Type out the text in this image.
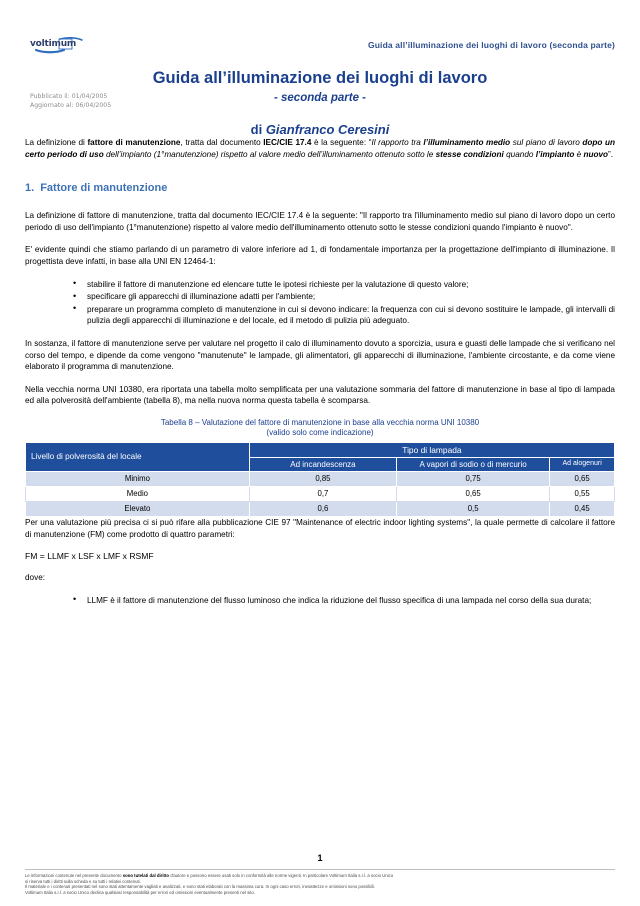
voltimum	Guida all’illuminazione dei luoghi di lavoro (seconda parte)
Pubblicato il: 01/04/2005
Aggiornato al: 06/04/2005
Guida all’illuminazione dei luoghi di lavoro
- seconda parte -
di Gianfranco Ceresini

La definizione di fattore di manutenzione, tratta dal documento IEC/CIE 17.4 è la seguente: “Il rapporto tra l’illuminamento medio sul piano di lavoro dopo un certo periodo di uso dell’impianto (1°manutenzione) rispetto al valore medio dell’illuminamento ottenuto sotto le stesse condizioni quando l’impianto è nuovo”.

1. Fattore di manutenzione

La definizione di fattore di manutenzione, tratta dal documento IEC/CIE 17.4 è la seguente: "Il rapporto tra l'illuminamento medio sul piano di lavoro dopo un certo periodo di uso dell'impianto (1°manutenzione) rispetto al valore medio dell'illuminamento ottenuto sotto le stesse condizioni quando l'impianto è nuovo".

E' evidente quindi che stiamo parlando di un parametro di valore inferiore ad 1, di fondamentale importanza per la progettazione dell'impianto di illuminazione. Il progettista deve infatti, in base alla UNI EN 12464-1:

• stabilire il fattore di manutenzione ed elencare tutte le ipotesi richieste per la valutazione di questo valore;
• specificare gli apparecchi di illuminazione adatti per l'ambiente;
• preparare un programma completo di manutenzione in cui si devono indicare: la frequenza con cui si devono sostituire le lampade, gli intervalli di pulizia degli apparecchi di illuminazione e del locale, ed il metodo di pulizia più adeguato.

In sostanza, il fattore di manutenzione serve per valutare nel progetto il calo di illuminamento dovuto a sporcizia, usura e guasti delle lampade che si verificano nel corso del tempo, e dipende da come vengono "manutenute" le lampade, gli alimentatori, gli apparecchi di illuminazione, l'ambiente circostante, e da come viene elaborato il programma di manutenzione.

Nella vecchia norma UNI 10380, era riportata una tabella molto semplificata per una valutazione sommaria del fattore di manutenzione in base al tipo di lampada ed alla polverosità dell'ambiente (tabella 8), ma nella nuova norma questa tabella è scomparsa.

Tabella 8 – Valutazione del fattore di manutenzione in base alla vecchia norma UNI 10380
(valido solo come indicazione)
Livello di polverosità del locale	Tipo di lampada		
	Ad incandescenza	A vapori di sodio o di mercurio	Ad alogenuri
Minimo	0,85	0,75	0,65
Medio	0,7	0,65	0,55
Elevato	0,6	0,5	0,45

Per una valutazione più precisa ci si può rifare alla pubblicazione CIE 97 "Maintenance of electric indoor lighting systems", la quale permette di calcolare il fattore di manutenzione (FM) come prodotto di quattro parametri:

FM = LLMF x LSF x LMF x RSMF

dove:

• LLMF è il fattore di manutenzione del flusso luminoso che indica la riduzione del flusso specifica di una lampada nel corso della sua durata;
1
Le informazioni contenute nel presente documento sono tutelati dal diritto d'autore e possono essere usati solo in conformità alle norme vigenti. In particolare Voltimum Italia s.r.l. a socio Unico
si riserva tutti i diritti sulla scheda e su tutti i relativi contenuti.
Il materiale e i contenuti presentati nel sono stati attentamente vagliati e analizzati, e sono stati elaborati con la massima cura. In ogni caso errori, inesattezze e omissioni sono possibili.
Voltimum Italia s.r.l. a socio Unico declina qualsiasi responsabilità per errori ed omissioni eventualmente presenti nel sito.
